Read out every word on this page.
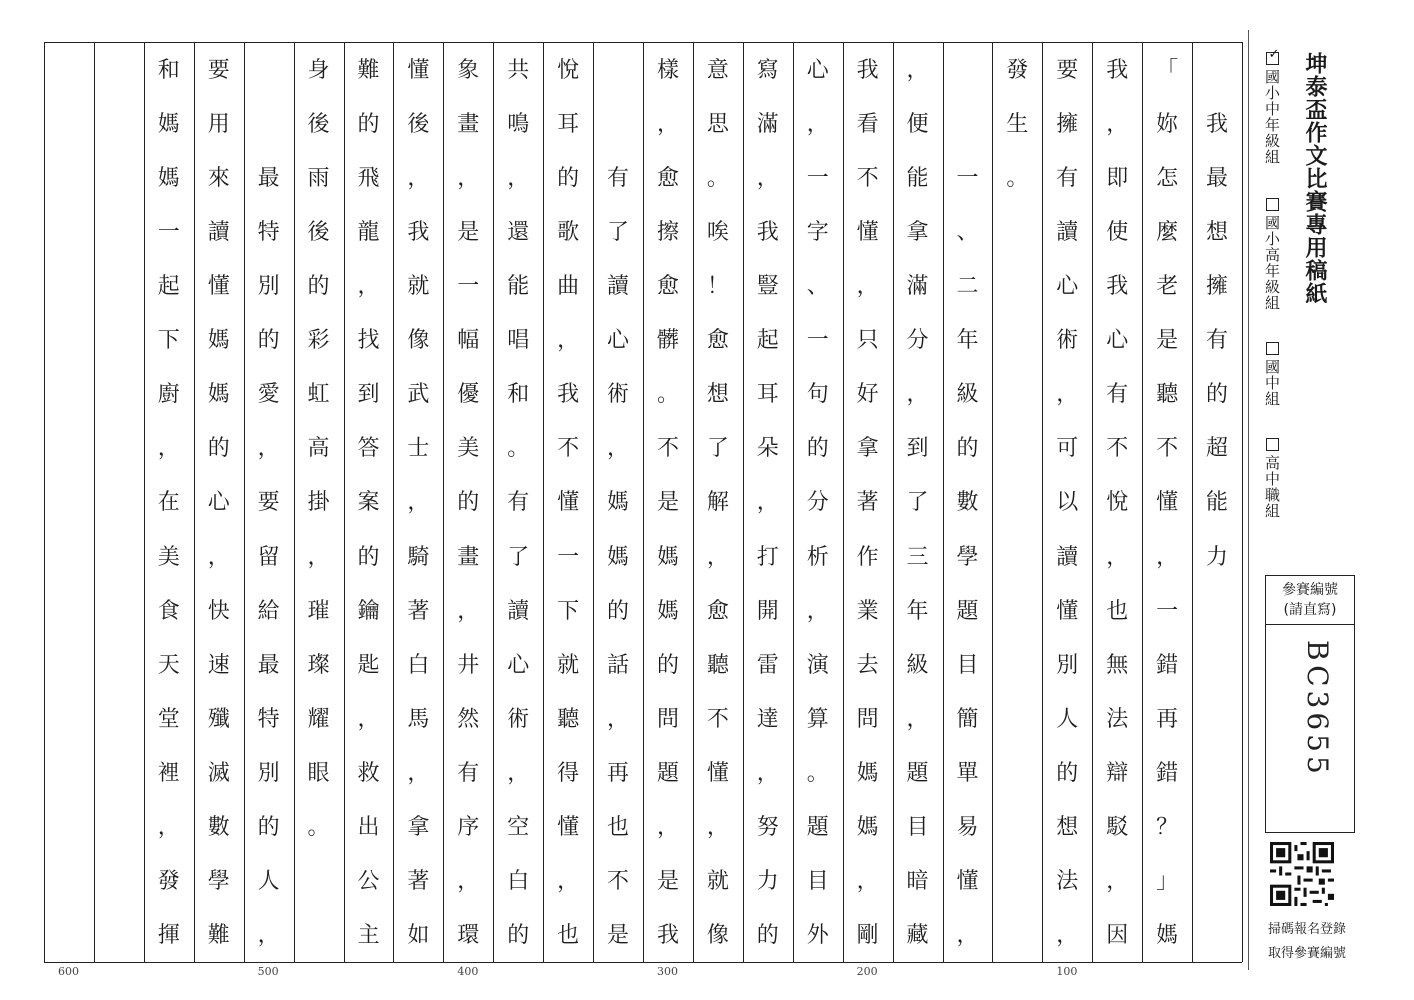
我
最
想
擁
有
的
超
能
力
「
妳
怎
麼
老
是
聽
不
懂
，
一
錯
再
錯
？
」
媽
我
，
即
使
我
心
有
不
悅
，
也
無
法
辯
駁
，
因
要
擁
有
讀
心
術
，
可
以
讀
懂
別
人
的
想
法
，
發
生
。
一
、
二
年
級
的
數
學
題
目
簡
單
易
懂
，
，
便
能
拿
滿
分
，
到
了
三
年
級
，
題
目
暗
藏
我
看
不
懂
，
只
好
拿
著
作
業
去
問
媽
媽
，
剛
心
，
一
字
、
一
句
的
分
析
，
演
算
。
題
目
外
寫
滿
，
我
豎
起
耳
朵
，
打
開
雷
達
，
努
力
的
意
思
。
唉
！
愈
想
了
解
，
愈
聽
不
懂
，
就
像
樣
，
愈
擦
愈
髒
。
不
是
媽
媽
的
問
題
，
是
我
有
了
讀
心
術
，
媽
媽
的
話
，
再
也
不
是
悅
耳
的
歌
曲
，
我
不
懂
一
下
就
聽
得
懂
，
也
共
鳴
，
還
能
唱
和
。
有
了
讀
心
術
，
空
白
的
象
畫
，
是
一
幅
優
美
的
畫
，
井
然
有
序
，
環
懂
後
，
我
就
像
武
士
，
騎
著
白
馬
，
拿
著
如
難
的
飛
龍
，
找
到
答
案
的
鑰
匙
，
救
出
公
主
身
後
雨
後
的
彩
虹
高
掛
，
璀
璨
耀
眼
。
最
特
別
的
愛
，
要
留
給
最
特
別
的
人
，
要
用
來
讀
懂
媽
媽
的
心
，
快
速
殲
滅
數
學
難
和
媽
媽
一
起
下
廚
，
在
美
食
天
堂
裡
，
發
揮
坤泰盃作文比賽專用稿紙
✓國小中年級組
國小高年級組
國中組
高中職組
參賽編號
(請直寫)
BC3655
掃碼報名登錄
取得參賽編號
100
200
300
400
500
600
